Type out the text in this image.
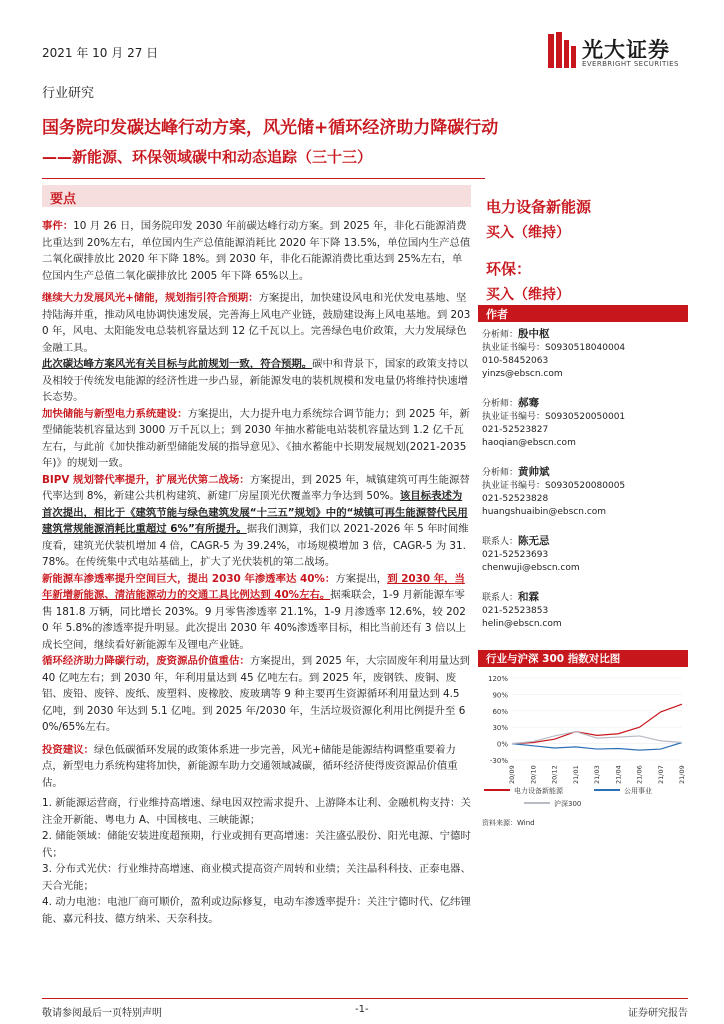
2021 年 10 月 27 日	光大证券
EVERBRIGHT SECURITIES
行业研究
国务院印发碳达峰行动方案，风光储+循环经济助力降碳行动
——新能源、环保领域碳中和动态追踪（三十三）
要点

事件：10 月 26 日，国务院印发 2030 年前碳达峰行动方案。到 2025 年，非化石能源消费比重达到 20%左右，单位国内生产总值能源消耗比 2020 年下降 13.5%，单位国内生产总值二氧化碳排放比 2020 年下降 18%。到 2030 年，非化石能源消费比重达到 25%左右，单位国内生产总值二氧化碳排放比 2005 年下降 65%以上。

继续大力发展风光+储能，规划指引符合预期：方案提出，加快建设风电和光伏发电基地、坚持陆海并重，推动风电协调快速发展，完善海上风电产业链，鼓励建设海上风电基地。到 2030 年，风电、太阳能发电总装机容量达到 12 亿千瓦以上。完善绿色电价政策，大力发展绿色金融工具。

此次碳达峰方案风光有关目标与此前规划一致，符合预期。碳中和背景下，国家的政策支持以及相较于传统发电能源的经济性进一步凸显，新能源发电的装机规模和发电量仍将维持快速增长态势。

加快储能与新型电力系统建设：方案提出，大力提升电力系统综合调节能力；到 2025 年，新型储能装机容量达到 3000 万千瓦以上；到 2030 年抽水蓄能电站装机容量达到 1.2 亿千瓦左右，与此前《加快推动新型储能发展的指导意见》、《抽水蓄能中长期发展规划(2021-2035 年)》的规划一致。

BIPV 规划替代率提升，扩展光伏第二战场：方案提出，到 2025 年，城镇建筑可再生能源替代率达到 8%，新建公共机构建筑、新建厂房屋顶光伏覆盖率力争达到 50%。该目标表述为首次提出，相比于《建筑节能与绿色建筑发展“十三五”规划》中的“城镇可再生能源替代民用建筑常规能源消耗比重超过 6%”有所提升。据我们测算，我们以 2021-2026 年 5 年时间维度看，建筑光伏装机增加 4 倍，CAGR-5 为 39.24%，市场规模增加 3 倍，CAGR-5 为 31.78%。在传统集中式电站基础上，扩大了光伏装机的第二战场。

新能源车渗透率提升空间巨大，提出 2030 年渗透率达 40%：方案提出，到 2030 年，当年新增新能源、清洁能源动力的交通工具比例达到 40%左右。据乘联会，1-9 月新能源车零售 181.8 万辆，同比增长 203%。9 月零售渗透率 21.1%，1-9 月渗透率 12.6%，较 2020 年 5.8%的渗透率提升明显。此次提出 2030 年 40%渗透率目标，相比当前还有 3 倍以上成长空间，继续看好新能源车及锂电产业链。

循环经济助力降碳行动，废资源品价值重估：方案提出，到 2025 年，大宗固废年利用量达到 40 亿吨左右；到 2030 年，年利用量达到 45 亿吨左右。到 2025 年，废钢铁、废铜、废铝、废铅、废锌、废纸、废塑料、废橡胶、废玻璃等 9 种主要再生资源循环利用量达到 4.5 亿吨，到 2030 年达到 5.1 亿吨。到 2025 年/2030 年，生活垃圾资源化利用比例提升至 60%/65%左右。

投资建议：绿色低碳循环发展的政策体系进一步完善，风光+储能是能源结构调整重要着力点，新型电力系统构建将加快，新能源车助力交通领域减碳，循环经济使得废资源品价值重估。

1. 新能源运营商，行业维持高增速、绿电因双控需求提升、上游降本让利、金融机构支持：关注金开新能、粤电力 A、中国核电、三峡能源；

2. 储能领域：储能安装进度超预期，行业或拥有更高增速：关注盛弘股份、阳光电源、宁德时代；

3. 分布式光伏：行业维持高增速、商业模式提高资产周转和业绩；关注晶科科技、正泰电器、天合光能；

4. 动力电池：电池厂商可顺价，盈利或边际修复，电动车渗透率提升：关注宁德时代、亿纬锂能、嘉元科技、德方纳米、天奈科技。

电力设备新能源
买入（维持）
环保：
买入（维持）
作者
分析师：殷中枢
执业证书编号：S0930518040004
010-58452063
yinzs@ebscn.com
分析师：郝骞
执业证书编号：S0930520050001
021-52523827
haoqian@ebscn.com
分析师：黄帅斌
执业证书编号：S0930520080005
021-52523828
huangshuaibin@ebscn.com
联系人：陈无忌
021-52523693
chenwuji@ebscn.com
联系人：和霖
021-52523853
helin@ebscn.com
行业与沪深 300 指数对比图
120%
90%
60%
30%
0%
-30%
20/09 20/10 20/12 21/01 21/03 21/04 21/06 21/07 21/09
电力设备新能源	公用事业
沪深300
资料来源：Wind
敬请参阅最后一页特别声明	-1-	证券研究报告
